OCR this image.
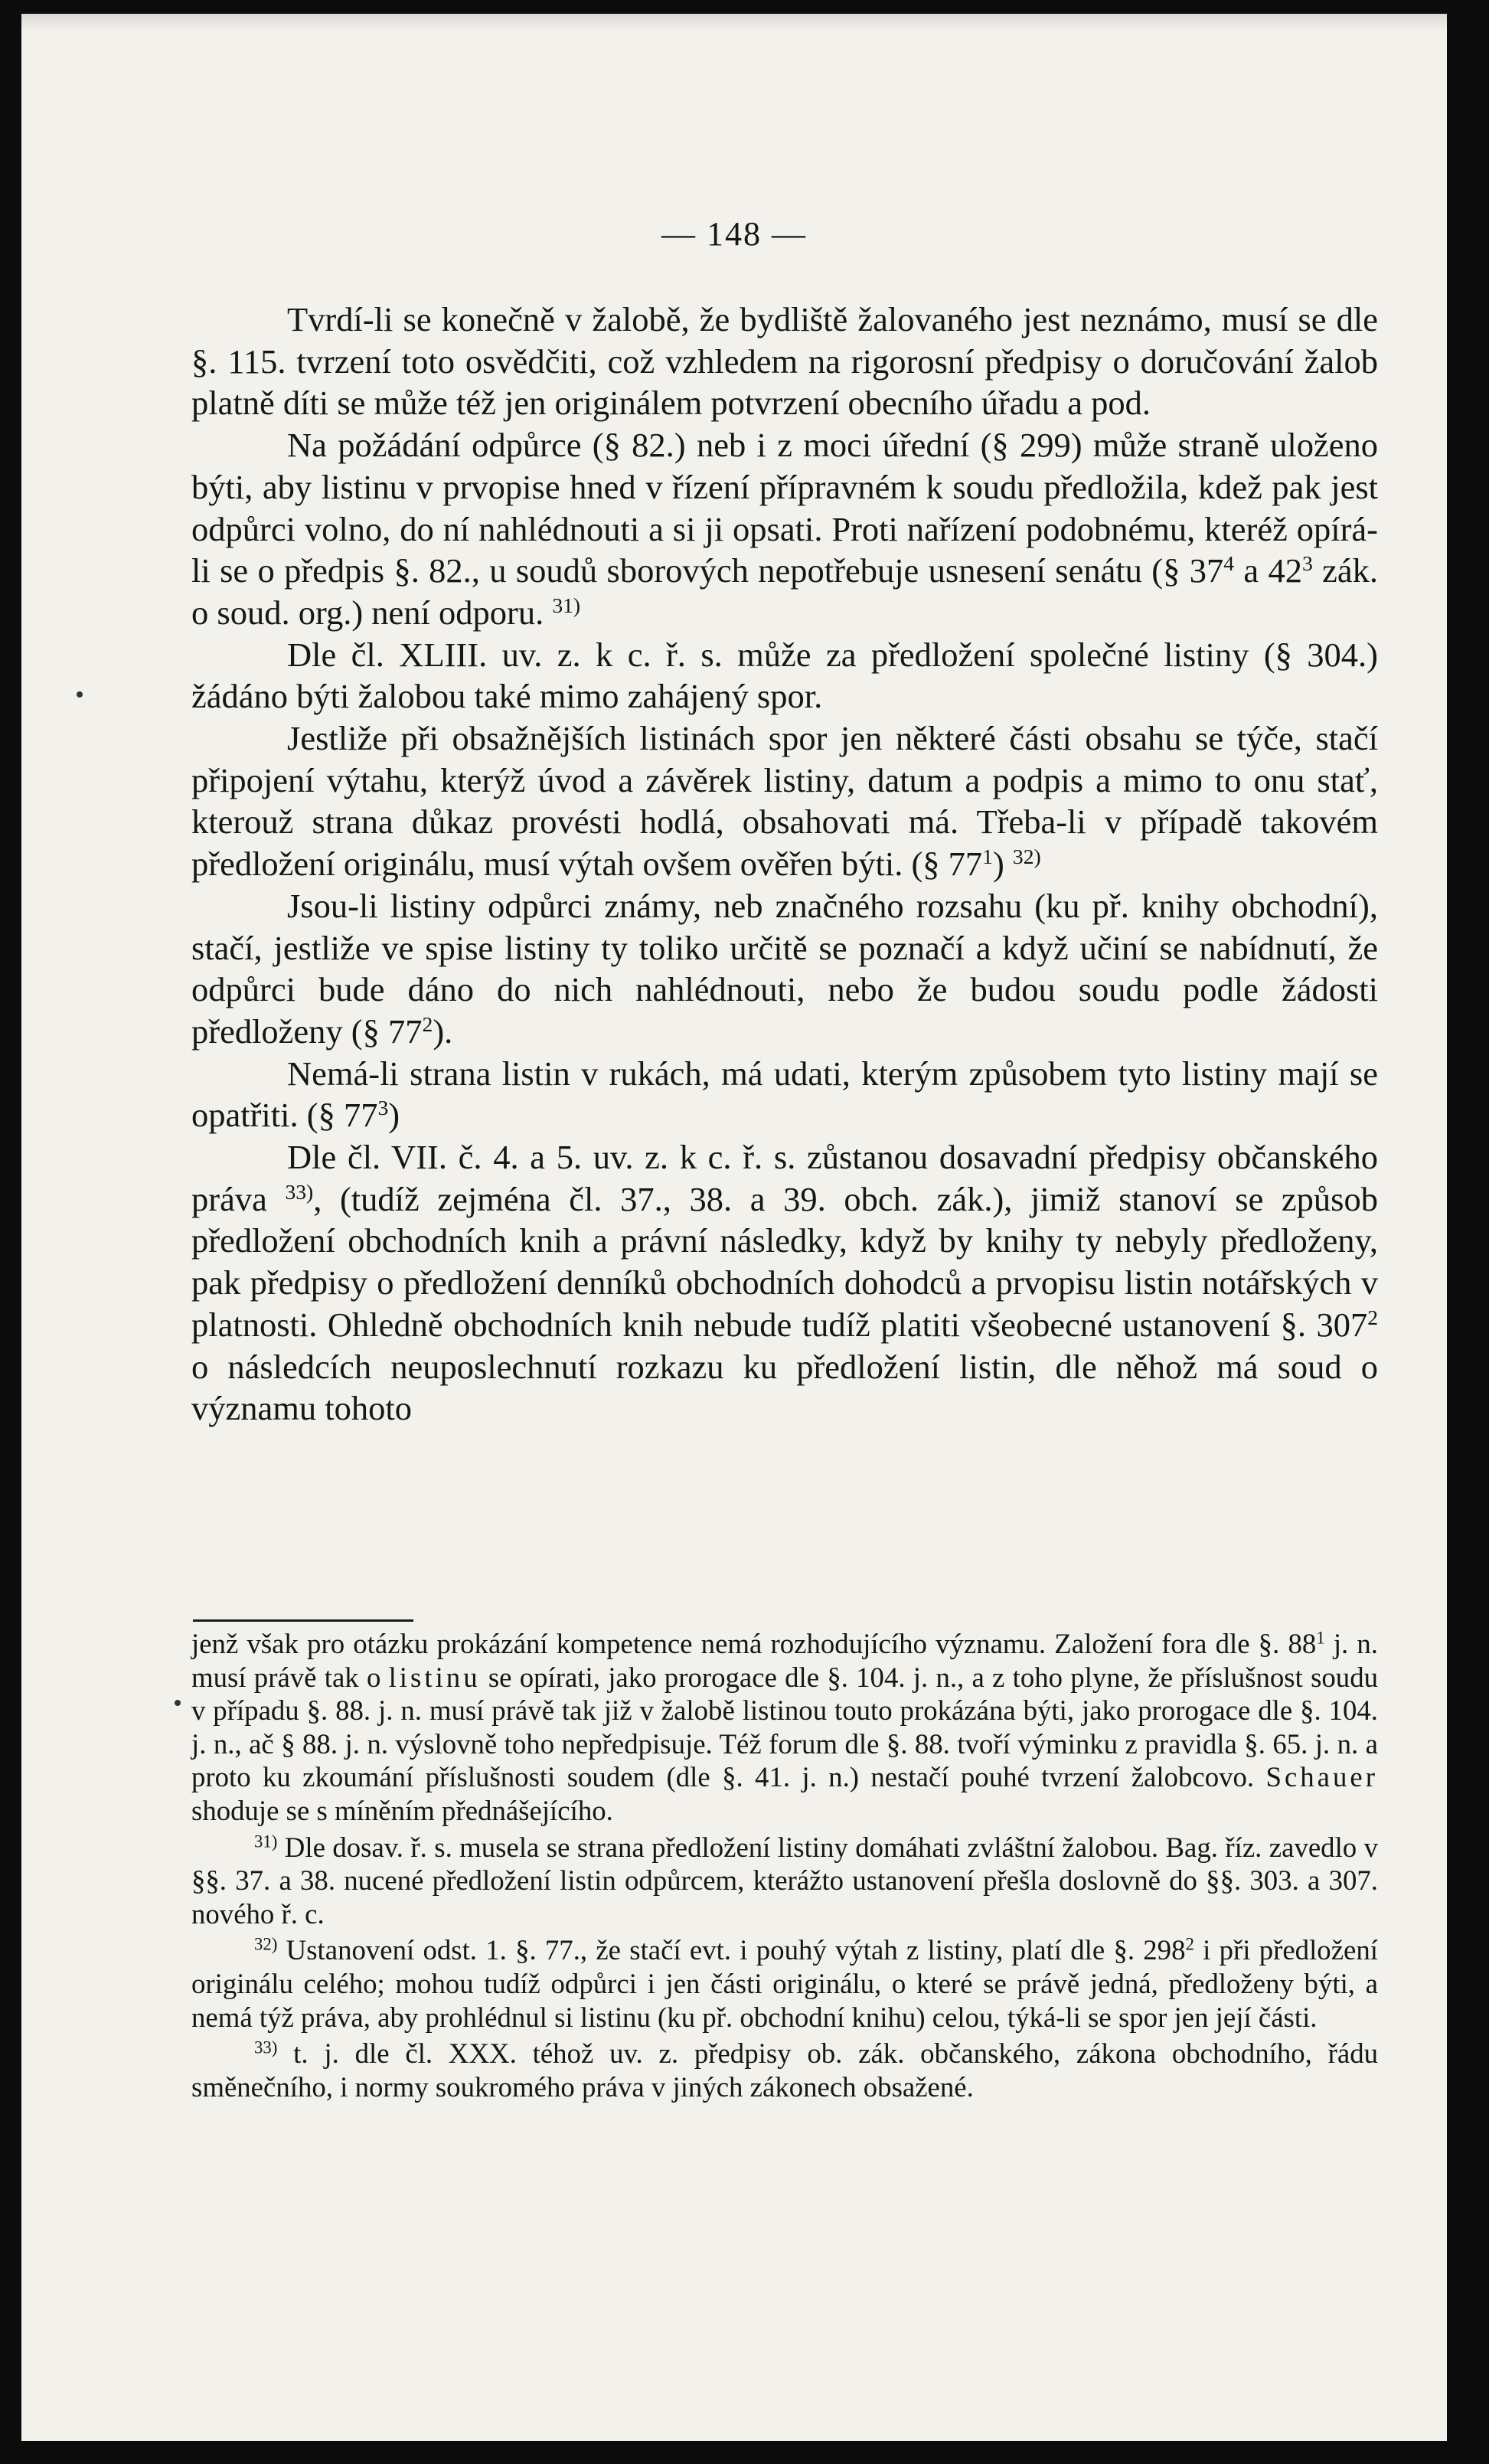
— 148 —

Tvrdí-li se konečně v žalobě, že bydliště žalovaného jest neznámo, musí se dle §. 115. tvrzení toto osvědčiti, což vzhledem na rigorosní předpisy o doručování žalob platně díti se může též jen originálem potvrzení obecního úřadu a pod.

Na požádání odpůrce (§ 82.) neb i z moci úřední (§ 299) může straně uloženo býti, aby listinu v prvopise hned v řízení přípravném k soudu předložila, kdež pak jest odpůrci volno, do ní nahlédnouti a si ji opsati. Proti nařízení podobnému, kteréž opírá-li se o předpis §. 82., u soudů sborových nepotřebuje usnesení senátu (§ $37^4$ a $42^3$ zák. o soud. org.) není odporu. $^{31)}$

Dle čl. XLIII. uv. z. k c. ř. s. může za předložení společné listiny (§ 304.) žádáno býti žalobou také mimo zahájený spor.

Jestliže při obsažnějších listinách spor jen některé části obsahu se týče, stačí připojení výtahu, kterýž úvod a závěrek listiny, datum a podpis a mimo to onu stať, kterouž strana důkaz provésti hodlá, obsahovati má. Třeba-li v případě takovém předložení originálu, musí výtah ovšem ověřen býti. (§ $77^1$) $^{32)}$

Jsou-li listiny odpůrci známy, neb značného rozsahu (ku př. knihy obchodní), stačí, jestliže ve spise listiny ty toliko určitě se poznačí a když učiní se nabídnutí, že odpůrci bude dáno do nich nahlédnouti, nebo že budou soudu podle žádosti předloženy (§ $77^2$).

Nemá-li strana listin v rukách, má udati, kterým způsobem tyto listiny mají se opatřiti. (§ $77^3$)

Dle čl. VII. č. 4. a 5. uv. z. k c. ř. s. zůstanou dosavadní předpisy občanského práva $^{33)}$, (tudíž zejména čl. 37., 38. a 39. obch. zák.), jimiž stanoví se způsob předložení obchodních knih a právní následky, když by knihy ty nebyly předloženy, pak předpisy o předložení denníků obchodních dohodců a prvopisu listin notářských v platnosti. Ohledně obchodních knih nebude tudíž platiti všeobecné ustanovení §. $307^2$ o následcích neuposlechnutí rozkazu ku předložení listin, dle něhož má soud o významu tohoto

jenž však pro otázku prokázání kompetence nemá rozhodujícího významu. Založení fora dle §. $88^1$ j. n. musí právě tak o listinu se opírati, jako prorogace dle §. 104. j. n., a z toho plyne, že příslušnost soudu v případu §. 88. j. n. musí právě tak již v žalobě listinou touto prokázána býti, jako prorogace dle §. 104. j. n., ač § 88. j. n. výslovně toho nepředpisuje. Též forum dle §. 88. tvoří výminku z pravidla §. 65. j. n. a proto ku zkoumání příslušnosti soudem (dle §. 41. j. n.) nestačí pouhé tvrzení žalobcovo. Schauer shoduje se s míněním přednášejícího.

$^{31)}$ Dle dosav. ř. s. musela se strana předložení listiny domáhati zvláštní žalobou. Bag. říz. zavedlo v §§. 37. a 38. nucené předložení listin odpůrcem, kterážto ustanovení přešla doslovně do §§. 303. a 307. nového ř. c.

$^{32)}$ Ustanovení odst. 1. §. 77., že stačí evt. i pouhý výtah z listiny, platí dle §. $298^2$ i při předložení originálu celého; mohou tudíž odpůrci i jen části originálu, o které se právě jedná, předloženy býti, a nemá týž práva, aby prohlédnul si listinu (ku př. obchodní knihu) celou, týká-li se spor jen její části.

$^{33)}$ t. j. dle čl. XXX. téhož uv. z. předpisy ob. zák. občanského, zákona obchodního, řádu směnečního, i normy soukromého práva v jiných zákonech obsažené.
